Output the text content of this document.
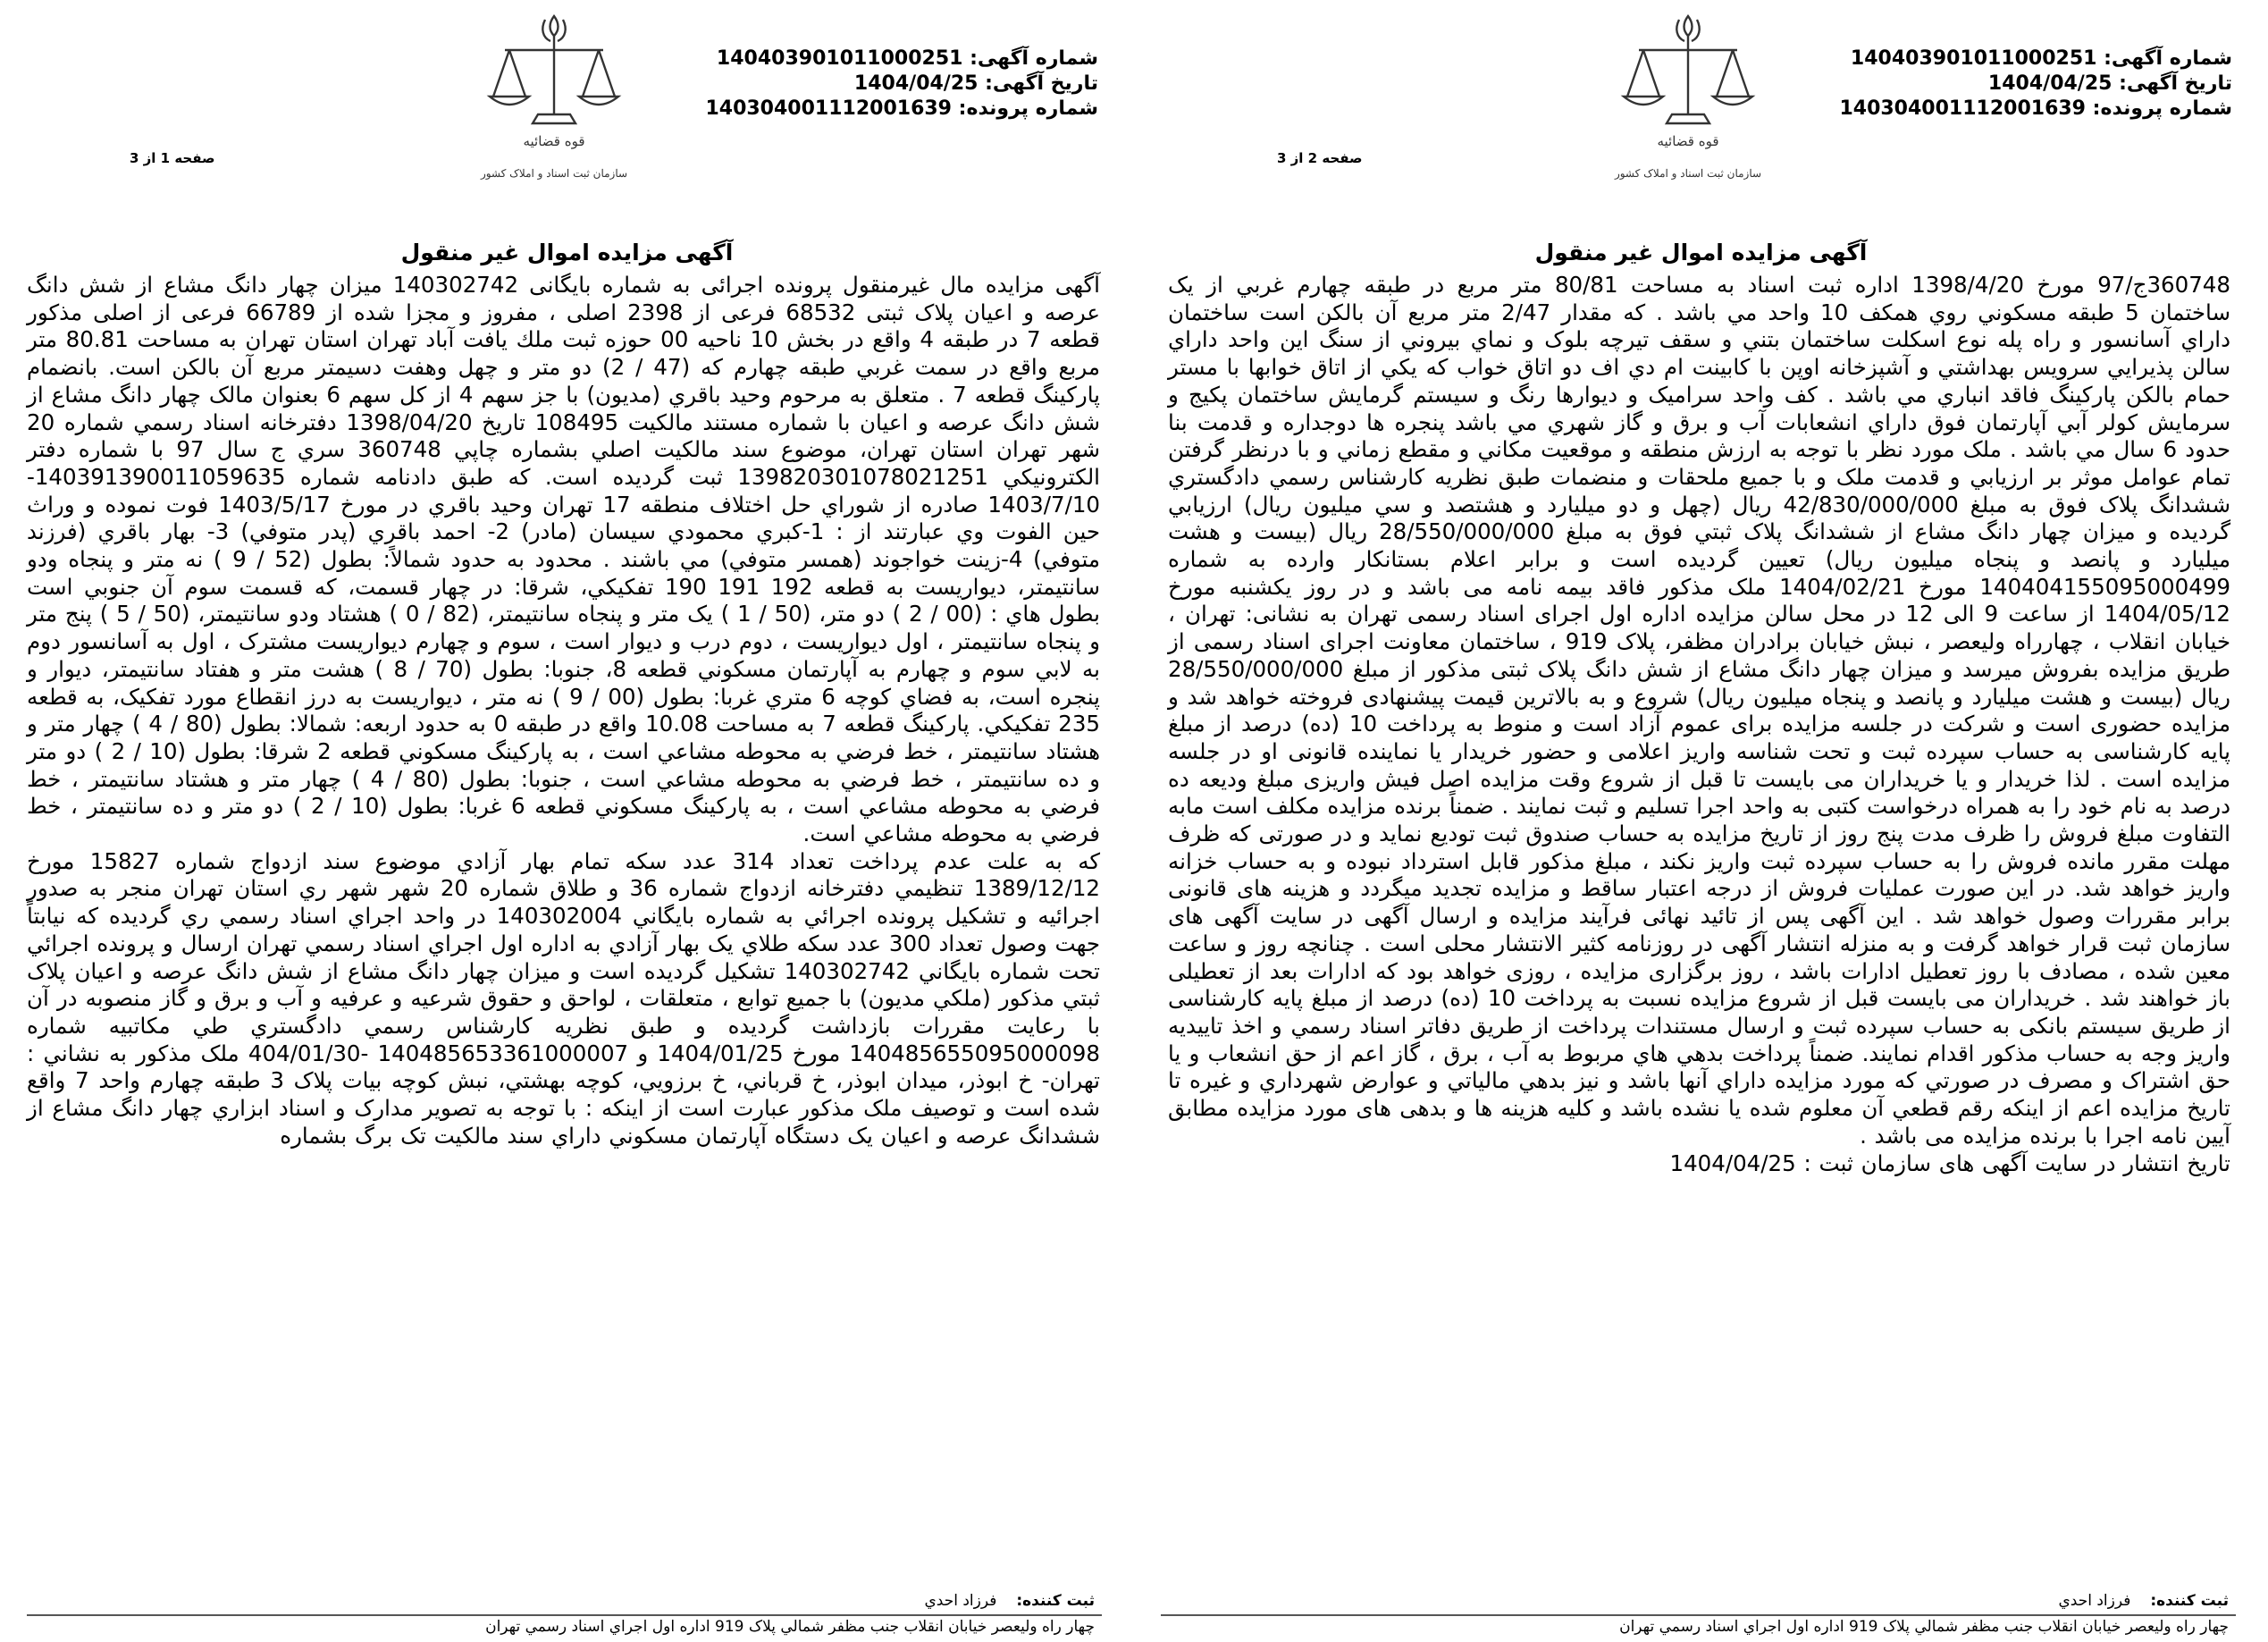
شماره آگهی: 140403901011000251
تاریخ آگهی: 1404/04/25
شماره پرونده: 140304001112001639
قوه قضائیه
سازمان ثبت اسناد و املاک کشور
صفحه 2 از 3
آگهی مزایده اموال غیر منقول

360748ج/97 مورخ 1398/4/20 اداره ثبت اسناد به مساحت 80/81 متر مربع در طبقه چهارم غربي از يک ساختمان 5 طبقه مسکوني روي همکف 10 واحد مي باشد . که مقدار 2/47 متر مربع آن بالکن است ساختمان داراي آسانسور و راه پله نوع اسکلت ساختمان بتني و سقف تيرچه بلوک و نماي بيروني از سنگ اين واحد داراي سالن پذيرايي سرويس بهداشتي و آشپزخانه اوپن با کابينت ام دي اف دو اتاق خواب که يکي از اتاق خوابها با مستر حمام بالکن پارکينگ فاقد انباري مي باشد . کف واحد سراميک و ديوارها رنگ و سيستم گرمايش ساختمان پکيج و سرمايش کولر آبي آپارتمان فوق داراي انشعابات آب و برق و گاز شهري مي باشد پنجره ها دوجداره و قدمت بنا حدود 6 سال مي باشد . ملک مورد نظر با توجه به ارزش منطقه و موقعيت مکاني و مقطع زماني و با درنظر گرفتن تمام عوامل موثر بر ارزيابي و قدمت ملک و با جميع ملحقات و منضمات طبق نظريه کارشناس رسمي دادگستري ششدانگ پلاک فوق به مبلغ 42/830/000/000 ريال (چهل و دو ميليارد و هشتصد و سي ميليون ريال) ارزيابي گرديده و ميزان چهار دانگ مشاع از ششدانگ پلاک ثبتي فوق به مبلغ 28/550/000/000 ريال (بيست و هشت ميليارد و پانصد و پنجاه ميليون ريال) تعيين گرديده است و برابر اعلام بستانکار وارده به شماره 140404155095000499 مورخ 1404/02/21 ملک مذکور فاقد بیمه نامه می باشد و در روز یکشنبه مورخ 1404/05/12 از ساعت 9 الی 12 در محل سالن مزایده اداره اول اجرای اسناد رسمی تهران به نشانی: تهران ، خیابان انقلاب ، چهارراه ولیعصر ، نبش خیابان برادران مظفر، پلاک 919 ، ساختمان معاونت اجرای اسناد رسمی از طریق مزایده بفروش میرسد و میزان چهار دانگ مشاع از شش دانگ پلاک ثبتی مذکور از مبلغ 28/550/000/000 ریال (بیست و هشت میلیارد و پانصد و پنجاه میلیون ریال) شروع و به بالاترین قیمت پیشنهادی فروخته خواهد شد و مزایده حضوری است و شرکت در جلسه مزایده برای عموم آزاد است و منوط به پرداخت 10 (ده) درصد از مبلغ پایه کارشناسی به حساب سپرده ثبت و تحت شناسه واریز اعلامی و حضور خریدار یا نماینده قانونی او در جلسه مزایده است . لذا خریدار و یا خریداران می بایست تا قبل از شروع وقت مزایده اصل فیش واریزی مبلغ ودیعه ده درصد به نام خود را به همراه درخواست کتبی به واحد اجرا تسلیم و ثبت نمایند . ضمناً برنده مزایده مکلف است مابه التفاوت مبلغ فروش را ظرف مدت پنج روز از تاریخ مزایده به حساب صندوق ثبت تودیع نماید و در صورتی که ظرف مهلت مقرر مانده فروش را به حساب سپرده ثبت واریز نکند ، مبلغ مذکور قابل استرداد نبوده و به حساب خزانه واریز خواهد شد. در این صورت عملیات فروش از درجه اعتبار ساقط و مزایده تجدید میگردد و هزینه های قانونی برابر مقررات وصول خواهد شد . این آگهی پس از تائید نهائی فرآیند مزایده و ارسال آگهی در سایت آگهی های سازمان ثبت قرار خواهد گرفت و به منزله انتشار آگهی در روزنامه کثیر الانتشار محلی است . چنانچه روز و ساعت معین شده ، مصادف با روز تعطیل ادارات باشد ، روز برگزاری مزایده ، روزی خواهد بود که ادارات بعد از تعطیلی باز خواهند شد . خریداران می بایست قبل از شروع مزایده نسبت به پرداخت 10 (ده) درصد از مبلغ پایه کارشناسی از طریق سیستم بانکی به حساب سپرده ثبت و ارسال مستندات پرداخت از طریق دفاتر اسناد رسمي و اخذ تاييديه واريز وجه به حساب مذکور اقدام نمايند. ضمناً پرداخت بدهي هاي مربوط به آب ، برق ، گاز اعم از حق انشعاب و يا حق اشتراک و مصرف در صورتي که مورد مزايده داراي آنها باشد و نيز بدهي مالياتي و عوارض شهرداري و غيره تا تاريخ مزايده اعم از اينکه رقم قطعي آن معلوم شده يا نشده باشد و کليه هزينه ها و بدهی های مورد مزایده مطابق آیین نامه اجرا با برنده مزایده می باشد .

تاریخ انتشار در سایت آگهی های سازمان ثبت : 1404/04/25

ثبت کننده:فرزاد احدي
چهار راه وليعصر خيابان انقلاب جنب مظفر شمالي پلاک 919 اداره اول اجراي اسناد رسمي تهران
شماره آگهی: 140403901011000251
تاریخ آگهی: 1404/04/25
شماره پرونده: 140304001112001639
قوه قضائیه
سازمان ثبت اسناد و املاک کشور
صفحه 1 از 3
آگهی مزایده اموال غیر منقول

آگهی مزایده مال غیرمنقول پرونده اجرائی به شماره بایگانی 140302742 میزان چهار دانگ مشاع از شش دانگ عرصه و اعیان پلاک ثبتی 68532 فرعی از 2398 اصلی ، مفروز و مجزا شده از 66789 فرعی از اصلی مذکور قطعه 7 در طبقه 4 واقع در بخش 10 ناحیه 00 حوزه ثبت ملك يافت آباد تهران استان تهران به مساحت 80.81 متر مربع واقع در سمت غربي طبقه چهارم كه (47 / 2) دو متر و چهل وهفت دسيمتر مربع آن بالكن است. بانضمام پاركينگ قطعه 7 . متعلق به مرحوم وحيد باقري (مديون) با جز سهم 4 از کل سهم 6 بعنوان مالک چهار دانگ مشاع از شش دانگ عرصه و اعيان با شماره مستند مالکيت 108495 تاريخ 1398/04/20 دفترخانه اسناد رسمي شماره 20 شهر تهران استان تهران، موضوع سند مالکيت اصلي بشماره چاپي 360748 سري ج سال 97 با شماره دفتر الکترونيکي 139820301078021251 ثبت گرديده است. که طبق دادنامه شماره 140391390011059635-1403/7/10 صادره از شوراي حل اختلاف منطقه 17 تهران وحيد باقري در مورخ 1403/5/17 فوت نموده و وراث حين الفوت وي عبارتند از : 1-کبري محمودي سيسان (مادر) 2- احمد باقري (پدر متوفي) 3- بهار باقري (فرزند متوفي) 4-زينت خواجوند (همسر متوفي) مي باشند . محدود به حدود شمالاً: بطول (52 / 9 ) نه متر و پنجاه ودو سانتيمتر، ديواريست به قطعه 192 191 190 تفکيکي، شرقا: در چهار قسمت، که قسمت سوم آن جنوبي است بطول هاي : (00 / 2 ) دو متر، (50 / 1 ) يک متر و پنجاه سانتيمتر، (82 / 0 ) هشتاد ودو سانتيمتر، (50 / 5 ) پنج متر و پنجاه سانتيمتر ، اول ديواريست ، دوم درب و ديوار است ، سوم و چهارم ديواريست مشترک ، اول به آسانسور دوم به لابي سوم و چهارم به آپارتمان مسکوني قطعه 8، جنوبا: بطول (70 / 8 ) هشت متر و هفتاد سانتيمتر، ديوار و پنجره است، به فضاي کوچه 6 متري غربا: بطول (00 / 9 ) نه متر ، ديواريست به درز انقطاع مورد تفکيک، به قطعه 235 تفکيکي. پارکينگ قطعه 7 به مساحت 10.08 واقع در طبقه 0 به حدود اربعه: شمالا: بطول (80 / 4 ) چهار متر و هشتاد سانتيمتر ، خط فرضي به محوطه مشاعي است ، به پارکينگ مسکوني قطعه 2 شرقا: بطول (10 / 2 ) دو متر و ده سانتيمتر ، خط فرضي به محوطه مشاعي است ، جنوبا: بطول (80 / 4 ) چهار متر و هشتاد سانتيمتر ، خط فرضي به محوطه مشاعي است ، به پارکينگ مسکوني قطعه 6 غربا: بطول (10 / 2 ) دو متر و ده سانتيمتر ، خط فرضي به محوطه مشاعي است.

که به علت عدم پرداخت تعداد 314 عدد سکه تمام بهار آزادي موضوع سند ازدواج شماره 15827 مورخ 1389/12/12 تنظيمي دفترخانه ازدواج شماره 36 و طلاق شماره 20 شهر شهر ري استان تهران منجر به صدور اجرائيه و تشکيل پرونده اجرائي به شماره بايگاني 140302004 در واحد اجراي اسناد رسمي ري گرديده که نيابتاً جهت وصول تعداد 300 عدد سکه طلاي يک بهار آزادي به اداره اول اجراي اسناد رسمي تهران ارسال و پرونده اجرائي تحت شماره بايگاني 140302742 تشکيل گرديده است و ميزان چهار دانگ مشاع از شش دانگ عرصه و اعيان پلاک ثبتي مذکور (ملکي مديون) با جميع توابع ، متعلقات ، لواحق و حقوق شرعيه و عرفيه و آب و برق و گاز منصوبه در آن با رعايت مقررات بازداشت گرديده و طبق نظريه کارشناس رسمي دادگستري طي مکاتبيه شماره 140485655095000098 مورخ 1404/01/25 و 140485653361000007 -404/01/30 ملک مذکور به نشاني : تهران- خ ابوذر، ميدان ابوذر، خ قرباني، خ برزويي، کوچه بهشتي، نبش کوچه بيات پلاک 3 طبقه چهارم واحد 7 واقع شده است و توصيف ملک مذکور عبارت است از اينکه : با توجه به تصوير مدارک و اسناد ابزاري چهار دانگ مشاع از ششدانگ عرصه و اعيان يک دستگاه آپارتمان مسکوني داراي سند مالکيت تک برگ بشماره

ثبت کننده:فرزاد احدي
چهار راه وليعصر خيابان انقلاب جنب مظفر شمالي پلاک 919 اداره اول اجراي اسناد رسمي تهران
